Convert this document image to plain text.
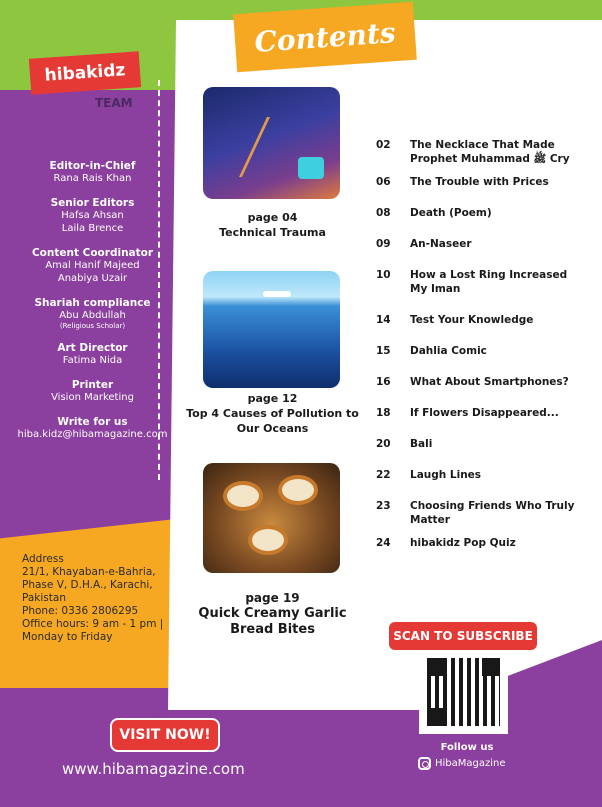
Contents
hibakidz
TEAM
Editor-in-Chief
Rana Rais Khan
Senior Editors
Hafsa Ahsan
Laila Brence
Content Coordinator
Amal Hanif Majeed
Anabiya Uzair
Shariah compliance
Abu Abdullah
(Religious Scholar)
Art Director
Fatima Nida
Printer
Vision Marketing
Write for us
hiba.kidz@hibamagazine.com
Address
21/1, Khayaban-e-Bahria,
Phase V, D.H.A., Karachi,
Pakistan
Phone: 0336 2806295
Office hours: 9 am - 1 pm |
Monday to Friday
page 04
Technical Trauma
page 12
Top 4 Causes of Pollution to Our Oceans
page 19
Quick Creamy Garlic Bread Bites
02	The Necklace That Made Prophet Muhammad ﷺ Cry
06	The Trouble with Prices
08	Death (Poem)
09	An-Naseer
10	How a Lost Ring Increased My Iman
14	Test Your Knowledge
15	Dahlia Comic
16	What About Smartphones?
18	If Flowers Disappeared...
20	Bali
22	Laugh Lines
23	Choosing Friends Who Truly Matter
24	hibakidz Pop Quiz
SCAN TO SUBSCRIBE
Follow us
HibaMagazine
VISIT NOW!
www.hibamagazine.com
